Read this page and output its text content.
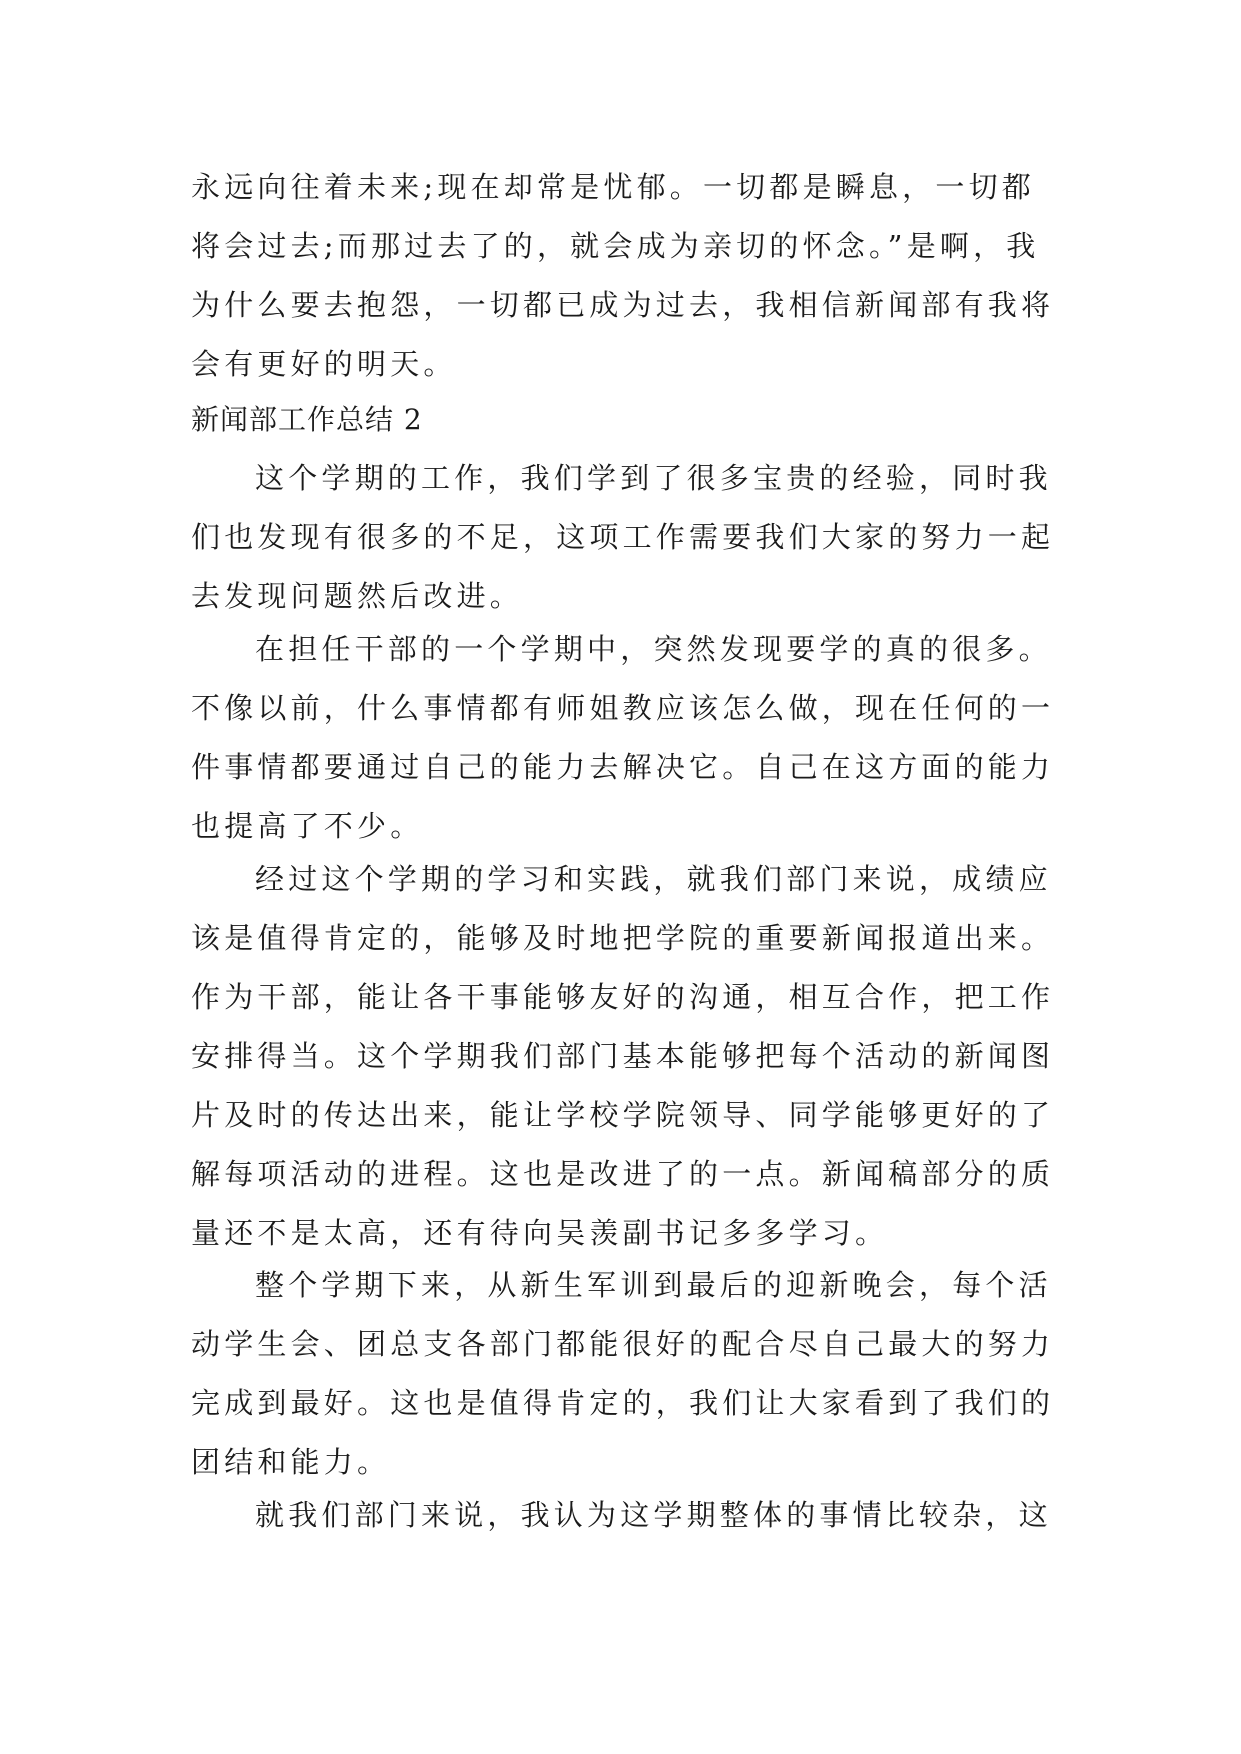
永远向往着未来;现在却常是忧郁。一切都是瞬息，一切都
将会过去;而那过去了的，就会成为亲切的怀念。”是啊，我
为什么要去抱怨，一切都已成为过去，我相信新闻部有我将
会有更好的明天。
新闻部工作总结 2
这个学期的工作，我们学到了很多宝贵的经验，同时我
们也发现有很多的不足，这项工作需要我们大家的努力一起
去发现问题然后改进。
在担任干部的一个学期中，突然发现要学的真的很多。
不像以前，什么事情都有师姐教应该怎么做，现在任何的一
件事情都要通过自己的能力去解决它。自己在这方面的能力
也提高了不少。
经过这个学期的学习和实践，就我们部门来说，成绩应
该是值得肯定的，能够及时地把学院的重要新闻报道出来。
作为干部，能让各干事能够友好的沟通，相互合作，把工作
安排得当。这个学期我们部门基本能够把每个活动的新闻图
片及时的传达出来，能让学校学院领导、同学能够更好的了
解每项活动的进程。这也是改进了的一点。新闻稿部分的质
量还不是太高，还有待向吴羡副书记多多学习。
整个学期下来，从新生军训到最后的迎新晚会，每个活
动学生会、团总支各部门都能很好的配合尽自己最大的努力
完成到最好。这也是值得肯定的，我们让大家看到了我们的
团结和能力。
就我们部门来说，我认为这学期整体的事情比较杂，这
